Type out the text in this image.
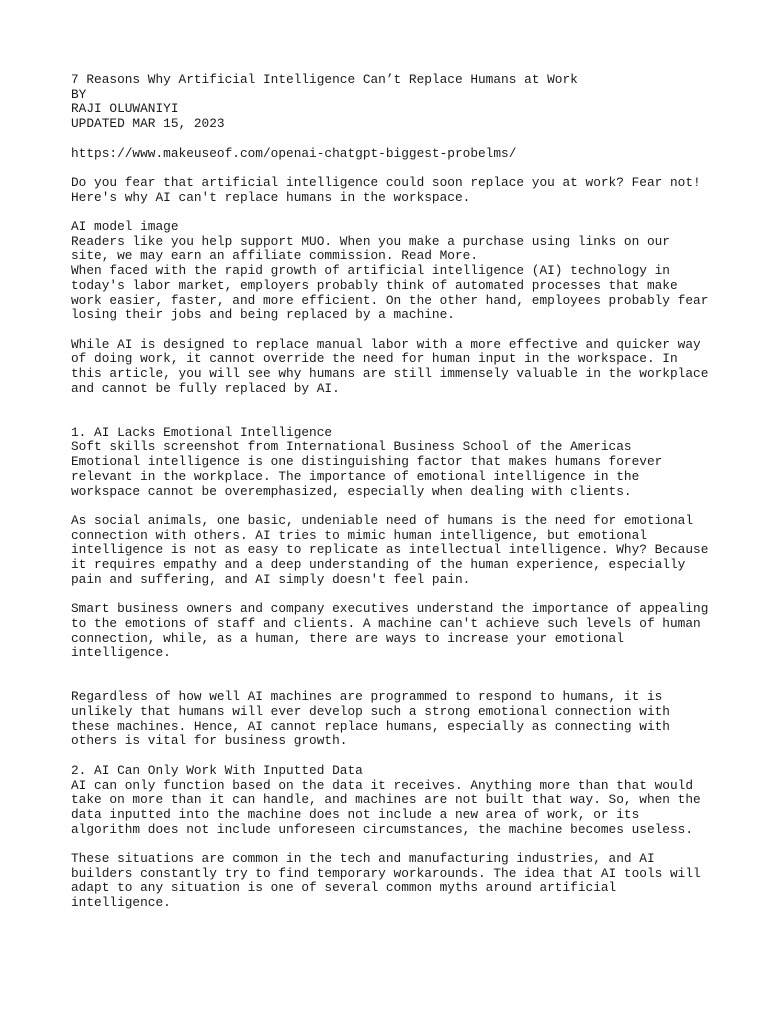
7 Reasons Why Artificial Intelligence Can’t Replace Humans at Work
BY
RAJI OLUWANIYI
UPDATED MAR 15, 2023
https://www.makeuseof.com/openai-chatgpt-biggest-probelms/
Do you fear that artificial intelligence could soon replace you at work? Fear not!
Here's why AI can't replace humans in the workspace.
AI model image
Readers like you help support MUO. When you make a purchase using links on our
site, we may earn an affiliate commission. Read More.
When faced with the rapid growth of artificial intelligence (AI) technology in
today's labor market, employers probably think of automated processes that make
work easier, faster, and more efficient. On the other hand, employees probably fear
losing their jobs and being replaced by a machine.
While AI is designed to replace manual labor with a more effective and quicker way
of doing work, it cannot override the need for human input in the workspace. In
this article, you will see why humans are still immensely valuable in the workplace
and cannot be fully replaced by AI.
1. AI Lacks Emotional Intelligence
Soft skills screenshot from International Business School of the Americas
Emotional intelligence is one distinguishing factor that makes humans forever
relevant in the workplace. The importance of emotional intelligence in the
workspace cannot be overemphasized, especially when dealing with clients.
As social animals, one basic, undeniable need of humans is the need for emotional
connection with others. AI tries to mimic human intelligence, but emotional
intelligence is not as easy to replicate as intellectual intelligence. Why? Because
it requires empathy and a deep understanding of the human experience, especially
pain and suffering, and AI simply doesn't feel pain.
Smart business owners and company executives understand the importance of appealing
to the emotions of staff and clients. A machine can't achieve such levels of human
connection, while, as a human, there are ways to increase your emotional
intelligence.
Regardless of how well AI machines are programmed to respond to humans, it is
unlikely that humans will ever develop such a strong emotional connection with
these machines. Hence, AI cannot replace humans, especially as connecting with
others is vital for business growth.
2. AI Can Only Work With Inputted Data
AI can only function based on the data it receives. Anything more than that would
take on more than it can handle, and machines are not built that way. So, when the
data inputted into the machine does not include a new area of work, or its
algorithm does not include unforeseen circumstances, the machine becomes useless.
These situations are common in the tech and manufacturing industries, and AI
builders constantly try to find temporary workarounds. The idea that AI tools will
adapt to any situation is one of several common myths around artificial
intelligence.
